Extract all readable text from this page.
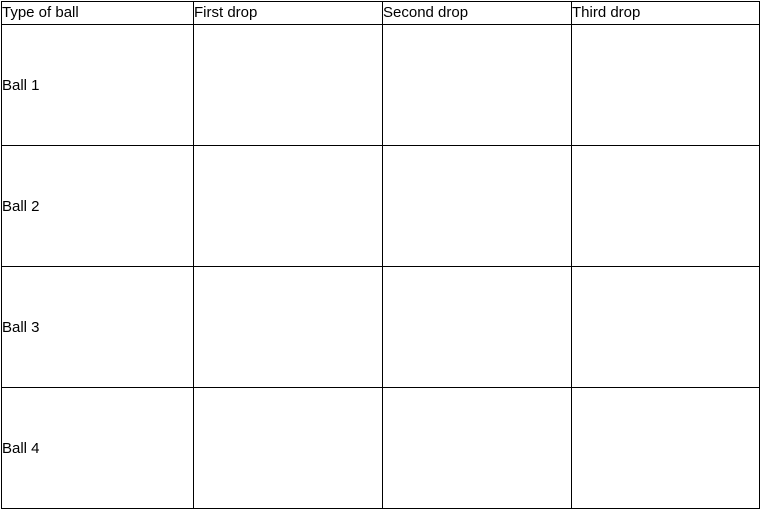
Type of ball	First drop	Second drop	Third drop
Ball 1			
Ball 2			
Ball 3			
Ball 4			
